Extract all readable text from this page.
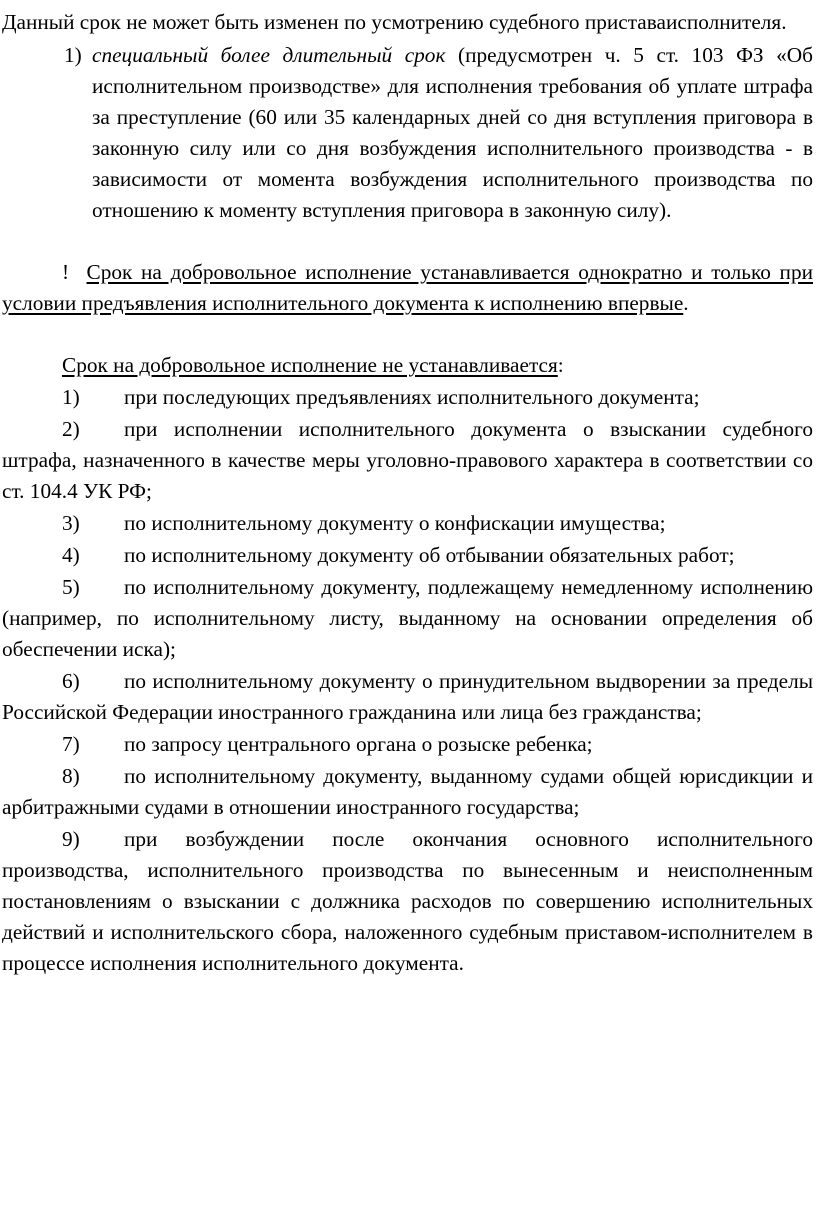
Данный срок не может быть изменен по усмотрению судебного приставаисполнителя.

1) специальный более длительный срок (предусмотрен ч. 5 ст. 103 ФЗ «Об исполнительном производстве» для исполнения требования об уплате штрафа за преступление (60 или 35 календарных дней со дня вступления приговора в законную силу или со дня возбуждения исполнительного производства - в зависимости от момента возбуждения исполнительного производства по отношению к моменту вступления приговора в законную силу).

! Срок на добровольное исполнение устанавливается однократно и только при условии предъявления исполнительного документа к исполнению впервые.

Срок на добровольное исполнение не устанавливается:

1) при последующих предъявлениях исполнительного документа;

2) при исполнении исполнительного документа о взыскании судебного штрафа, назначенного в качестве меры уголовно-правового характера в соответствии со ст. 104.4 УК РФ;

3) по исполнительному документу о конфискации имущества;

4) по исполнительному документу об отбывании обязательных работ;

5) по исполнительному документу, подлежащему немедленному исполнению (например, по исполнительному листу, выданному на основании определения об обеспечении иска);

6) по исполнительному документу о принудительном выдворении за пределы Российской Федерации иностранного гражданина или лица без гражданства;

7) по запросу центрального органа о розыске ребенка;

8) по исполнительному документу, выданному судами общей юрисдикции и арбитражными судами в отношении иностранного государства;

9) при возбуждении после окончания основного исполнительного производства, исполнительного производства по вынесенным и неисполненным постановлениям о взыскании с должника расходов по совершению исполнительных действий и исполнительского сбора, наложенного судебным приставом-исполнителем в процессе исполнения исполнительного документа.
